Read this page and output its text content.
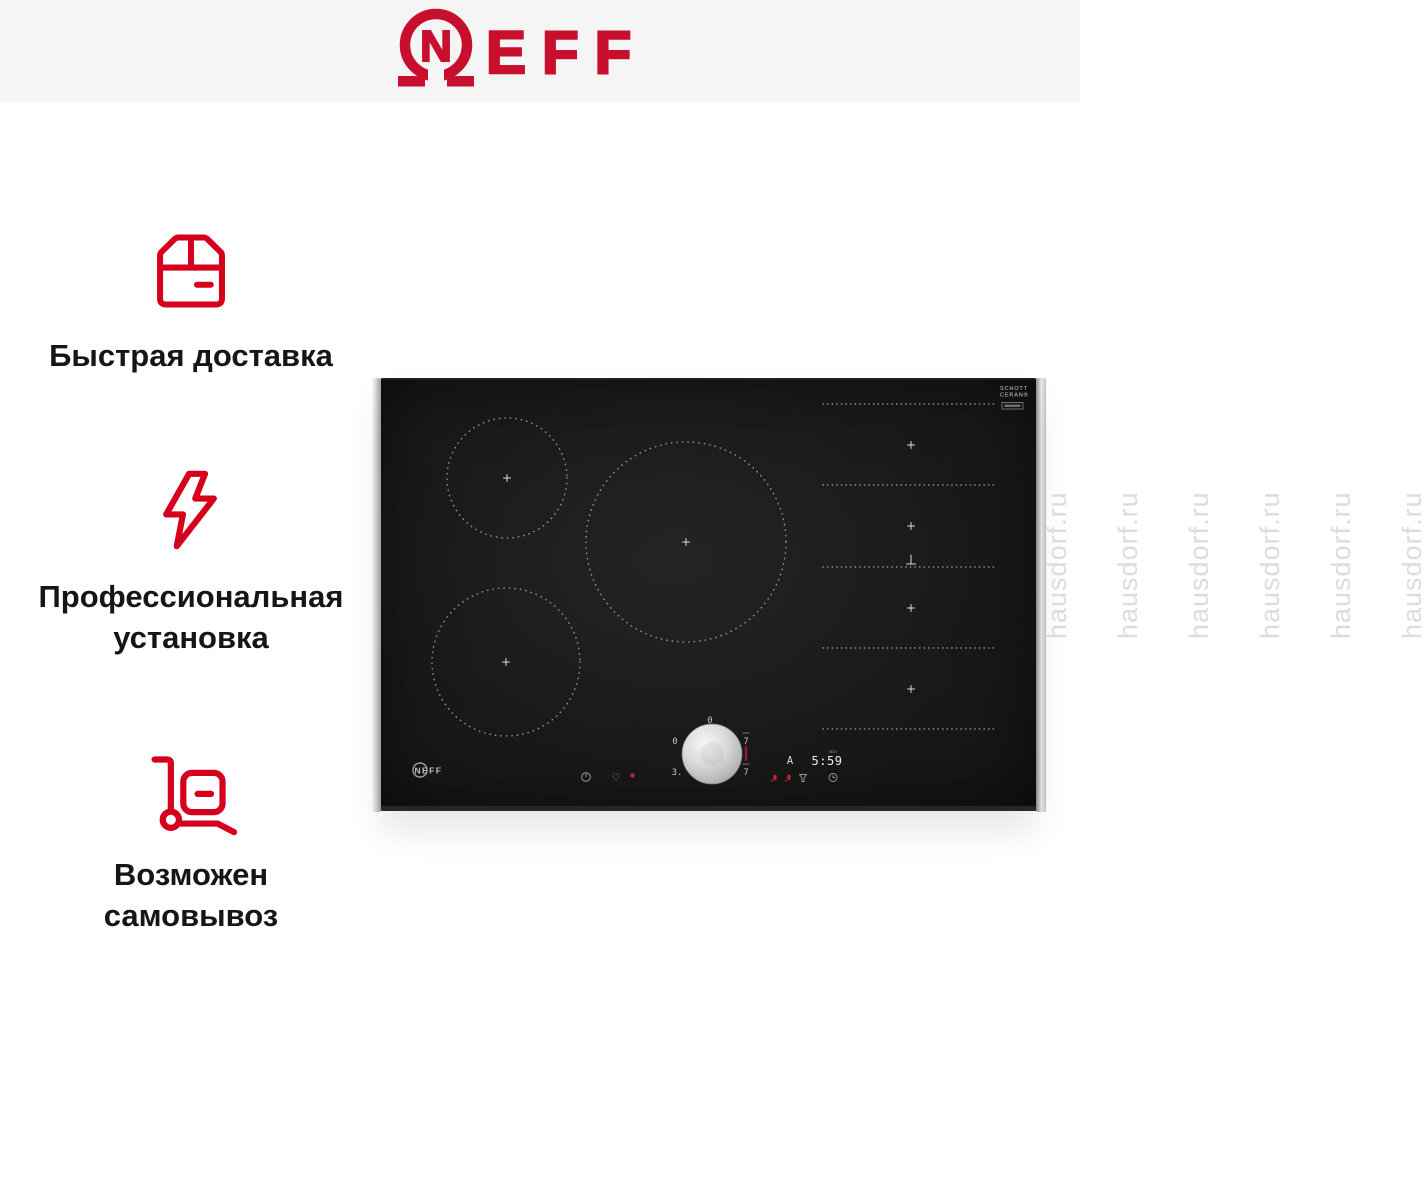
N EFF
Быстрая доставка
Профессиональная
установка
Возможен
самовывоз
SCHOTT
CERAN®
NEFF
♡
0
0
3.
7
7
A
min
5:59
hausdorf.ru hausdorf.ru hausdorf.ru hausdorf.ru hausdorf.ru hausdorf.ru
